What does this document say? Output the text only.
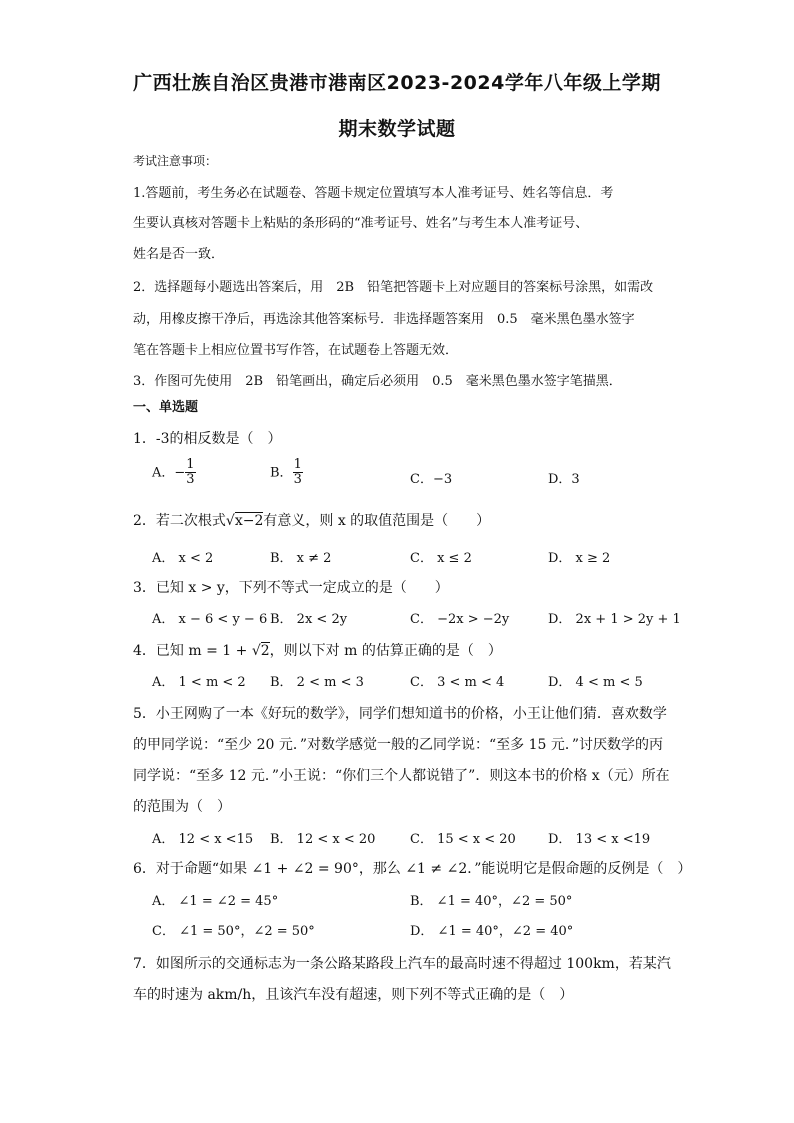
广西壮族自治区贵港市港南区2023-2024学年八年级上学期
期末数学试题
考试注意事项：
1.答题前，考生务必在试题卷、答题卡规定位置填写本人准考证号、姓名等信息．考
生要认真核对答题卡上粘贴的条形码的“准考证号、姓名”与考生本人准考证号、
姓名是否一致．
2．选择题每小题选出答案后，用　2B　铅笔把答题卡上对应题目的答案标号涂黑，如需改
动，用橡皮擦干净后，再选涂其他答案标号．非选择题答案用　0.5　毫米黑色墨水签字
笔在答题卡上相应位置书写作答，在试题卷上答题无效．
3．作图可先使用　2B　铅笔画出，确定后必须用　0.5　毫米黑色墨水签字笔描黑．
一、单选题
1．-3的相反数是（　）
A．− $\frac{1}{3}$	B． $\frac{1}{3}$	C．−3	D．3
2．若二次根式√x−2有意义，则 x 的取值范围是（　　）
A． x < 2	B． x ≠ 2	C． x ≤ 2	D． x ≥ 2
3．已知 x > y，下列不等式一定成立的是（　　）
A． x − 6 < y − 6 B． 2x < 2y	C． −2x > −2y	D． 2x + 1 > 2y + 1
4．已知 m = 1 + √2，则以下对 m 的估算正确的是（　）
A． 1 < m < 2 B． 2 < m < 3	C． 3 < m < 4	D． 4 < m < 5
5．小王网购了一本《好玩的数学》，同学们想知道书的价格，小王让他们猜．喜欢数学
的甲同学说：“至少 20 元．”对数学感觉一般的乙同学说：“至多 15 元．”讨厌数学的丙
同学说：“至多 12 元．”小王说：“你们三个人都说错了”．则这本书的价格 x（元）所在
的范围为（　）
A． 12 < x <15 B． 12 < x < 20	C． 15 < x < 20 D． 13 < x <19
6．对于命题“如果 ∠1 + ∠2 = 90°，那么 ∠1 ≠ ∠2．”能说明它是假命题的反例是（　）
A． ∠1 = ∠2 = 45°	B． ∠1 = 40°，∠2 = 50°
C． ∠1 = 50°，∠2 = 50°	D． ∠1 = 40°，∠2 = 40°
7．如图所示的交通标志为一条公路某路段上汽车的最高时速不得超过 100km，若某汽
车的时速为 akm/h，且该汽车没有超速，则下列不等式正确的是（　）
